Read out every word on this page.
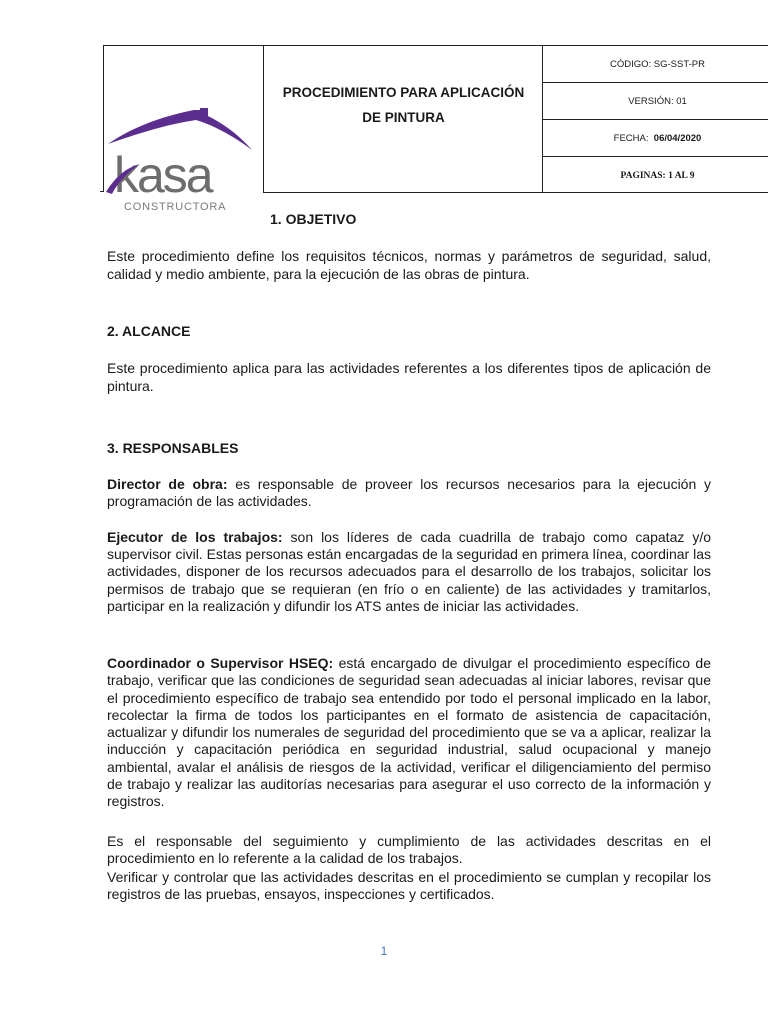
PROCEDIMIENTO PARA APLICACIÓN
DE PINTURA
CÓDIGO: SG-SST-PR
VERSIÓN: 01
FECHA:
06/04/2020
PAGINAS: 1 AL 9
kasa
CONSTRUCTORA
1. OBJETIVO

Este procedimiento define los requisitos técnicos, normas y parámetros de seguridad, salud, calidad y medio ambiente, para la ejecución de las obras de pintura.

2. ALCANCE

Este procedimiento aplica para las actividades referentes a los diferentes tipos de aplicación de pintura.

3. RESPONSABLES

Director de obra: es responsable de proveer los recursos necesarios para la ejecución y programación de las actividades.

Ejecutor de los trabajos: son los líderes de cada cuadrilla de trabajo como capataz y/o supervisor civil. Estas personas están encargadas de la seguridad en primera línea, coordinar las actividades, disponer de los recursos adecuados para el desarrollo de los trabajos, solicitar los permisos de trabajo que se requieran (en frío o en caliente) de las actividades y tramitarlos, participar en la realización y difundir los ATS antes de iniciar las actividades.

Coordinador o Supervisor HSEQ: está encargado de divulgar el procedimiento específico de trabajo, verificar que las condiciones de seguridad sean adecuadas al iniciar labores, revisar que el procedimiento específico de trabajo sea entendido por todo el personal implicado en la labor, recolectar la firma de todos los participantes en el formato de asistencia de capacitación, actualizar y difundir los numerales de seguridad del procedimiento que se va a aplicar, realizar la inducción y capacitación periódica en seguridad industrial, salud ocupacional y manejo ambiental, avalar el análisis de riesgos de la actividad, verificar el diligenciamiento del permiso de trabajo y realizar las auditorías necesarias para asegurar el uso correcto de la información y registros.

Es el responsable del seguimiento y cumplimiento de las actividades descritas en el procedimiento en lo referente a la calidad de los trabajos.

Verificar y controlar que las actividades descritas en el procedimiento se cumplan y recopilar los registros de las pruebas, ensayos, inspecciones y certificados.

1
